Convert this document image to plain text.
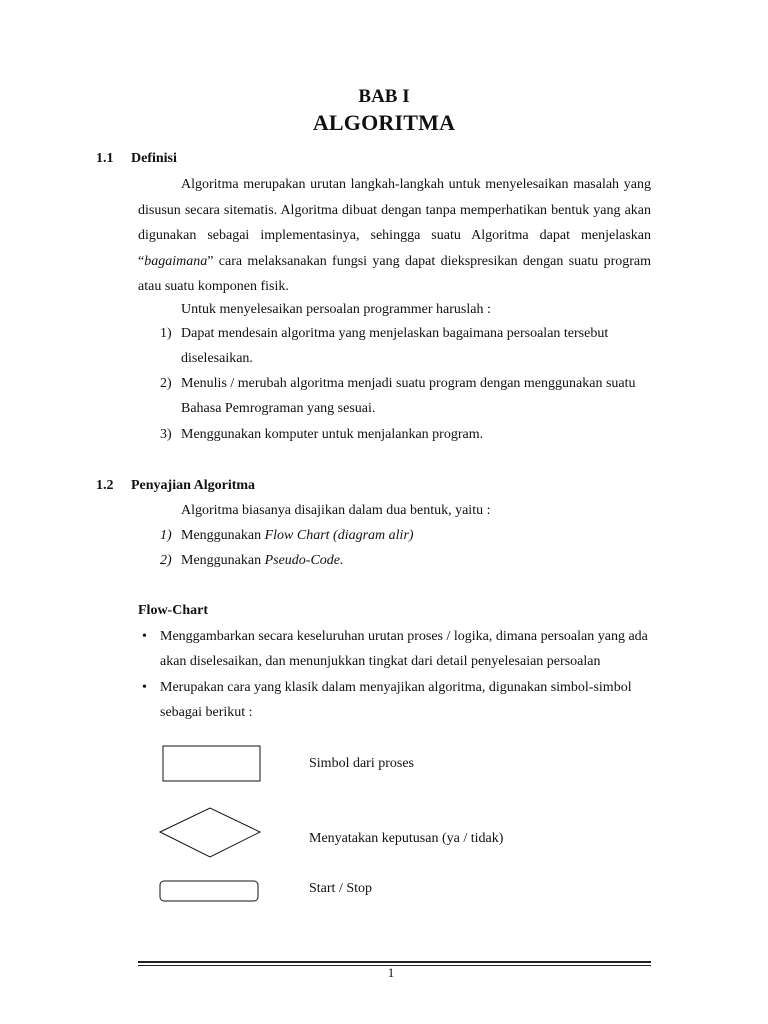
BAB I
ALGORITMA
1.1 Definisi
Algoritma merupakan urutan langkah-langkah untuk menyelesaikan masalah yang disusun secara sitematis. Algoritma dibuat dengan tanpa memperhatikan bentuk yang akan digunakan sebagai implementasinya, sehingga suatu Algoritma dapat menjelaskan “bagaimana” cara melaksanakan fungsi yang dapat diekspresikan dengan suatu program atau suatu komponen fisik.
Untuk menyelesaikan persoalan programmer haruslah :
1) Dapat mendesain algoritma yang menjelaskan bagaimana persoalan tersebut diselesaikan.
2) Menulis / merubah algoritma menjadi suatu program dengan menggunakan suatu Bahasa Pemrograman yang sesuai.
3) Menggunakan komputer untuk menjalankan program.
1.2 Penyajian Algoritma
Algoritma biasanya disajikan dalam dua bentuk, yaitu :
1) Menggunakan Flow Chart (diagram alir)
2) Menggunakan Pseudo-Code.
Flow-Chart
• Menggambarkan secara keseluruhan urutan proses / logika, dimana persoalan yang ada akan diselesaikan, dan menunjukkan tingkat dari detail penyelesaian persoalan
• Merupakan cara yang klasik dalam menyajikan algoritma, digunakan simbol-simbol sebagai berikut :
Simbol dari proses
Menyatakan keputusan (ya / tidak)
Start / Stop
1
